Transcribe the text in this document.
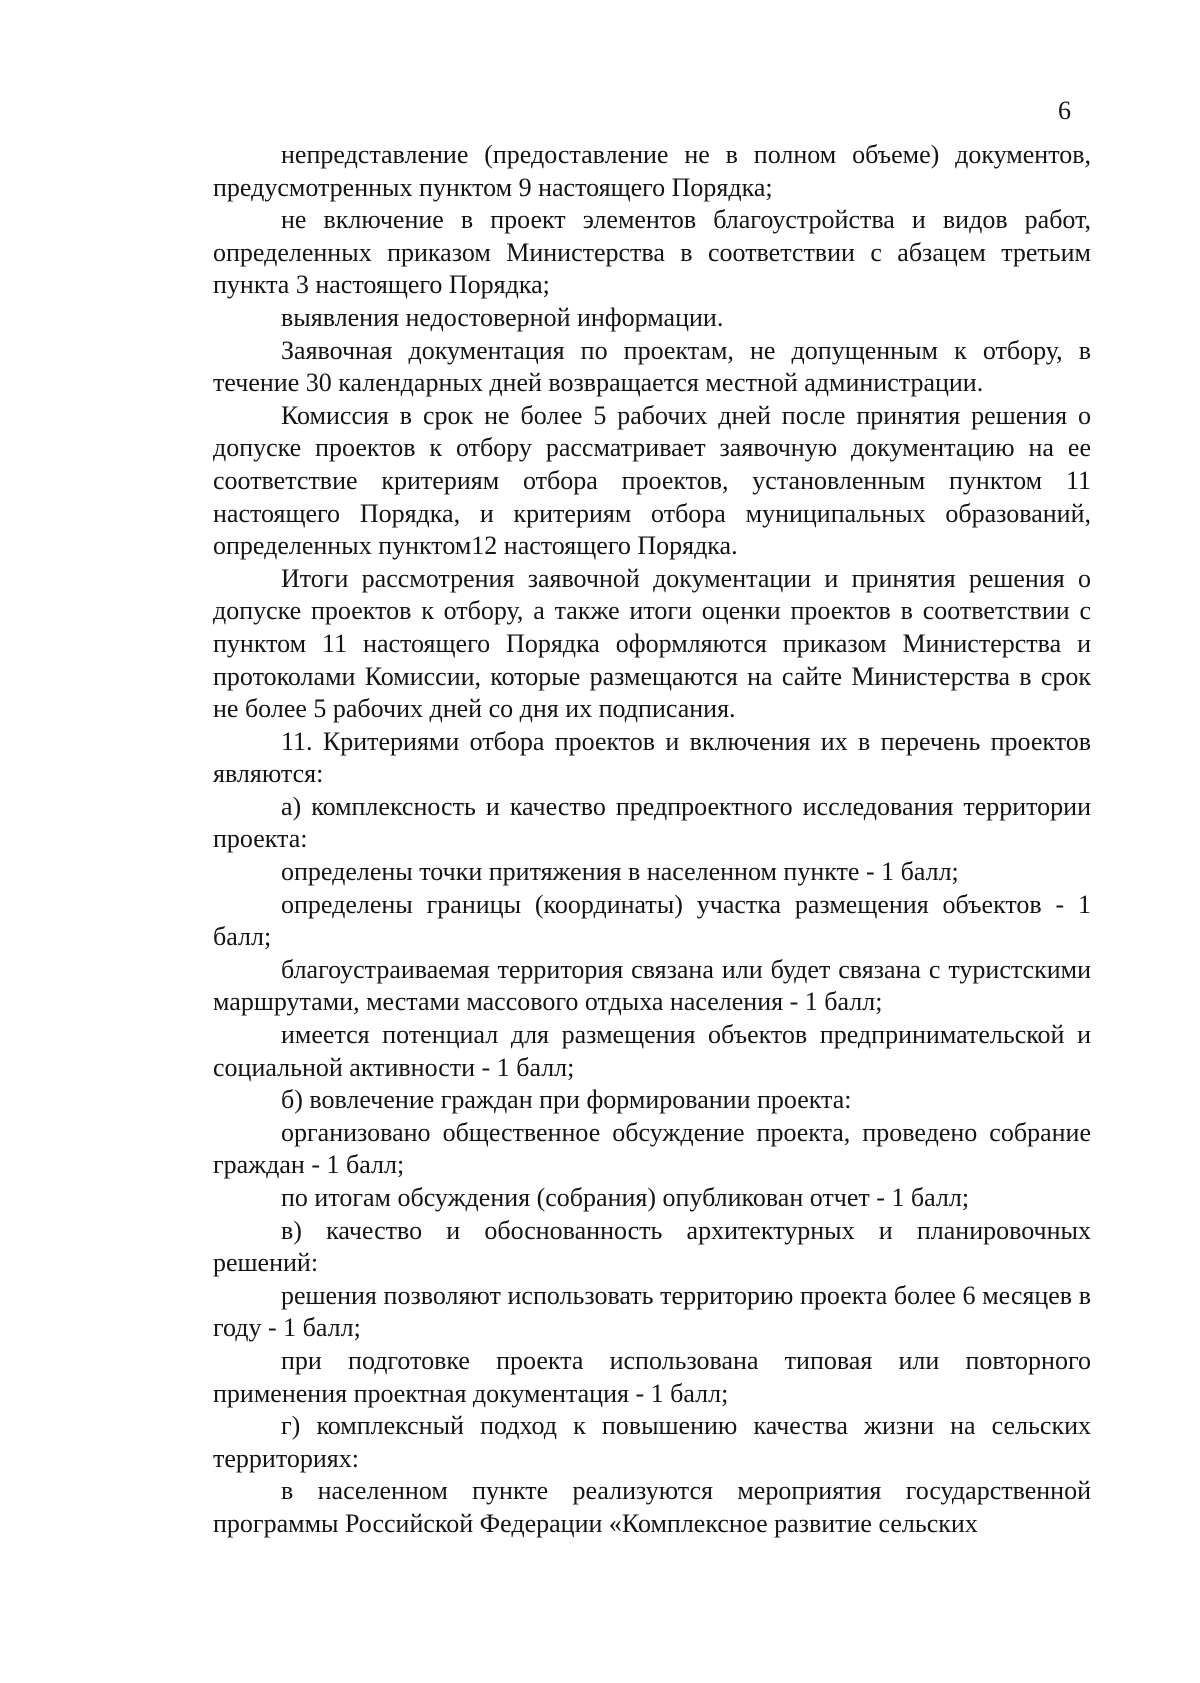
6

непредставление (предоставление не в полном объеме) документов, предусмотренных пунктом 9 настоящего Порядка;

не включение в проект элементов благоустройства и видов работ, определенных приказом Министерства в соответствии с абзацем третьим пункта 3 настоящего Порядка;

выявления недостоверной информации.

Заявочная документация по проектам, не допущенным к отбору, в течение 30 календарных дней возвращается местной администрации.

Комиссия в срок не более 5 рабочих дней после принятия решения о допуске проектов к отбору рассматривает заявочную документацию на ее соответствие критериям отбора проектов, установленным пунктом 11 настоящего Порядка, и критериям отбора муниципальных образований, определенных пунктом12 настоящего Порядка.

Итоги рассмотрения заявочной документации и принятия решения о допуске проектов к отбору, а также итоги оценки проектов в соответствии с пунктом 11 настоящего Порядка оформляются приказом Министерства и протоколами Комиссии, которые размещаются на сайте Министерства в срок не более 5 рабочих дней со дня их подписания.

11. Критериями отбора проектов и включения их в перечень проектов являются:

а) комплексность и качество предпроектного исследования территории проекта:

определены точки притяжения в населенном пункте - 1 балл;

определены границы (координаты) участка размещения объектов - 1 балл;

благоустраиваемая территория связана или будет связана с туристскими маршрутами, местами массового отдыха населения - 1 балл;

имеется потенциал для размещения объектов предпринимательской и социальной активности - 1 балл;

б) вовлечение граждан при формировании проекта:

организовано общественное обсуждение проекта, проведено собрание граждан - 1 балл;

по итогам обсуждения (собрания) опубликован отчет - 1 балл;

в) качество и обоснованность архитектурных и планировочных решений:

решения позволяют использовать территорию проекта более 6 месяцев в году - 1 балл;

при подготовке проекта использована типовая или повторного применения проектная документация - 1 балл;

г) комплексный подход к повышению качества жизни на сельских территориях:

в населенном пункте реализуются мероприятия государственной программы Российской Федерации «Комплексное развитие сельских
